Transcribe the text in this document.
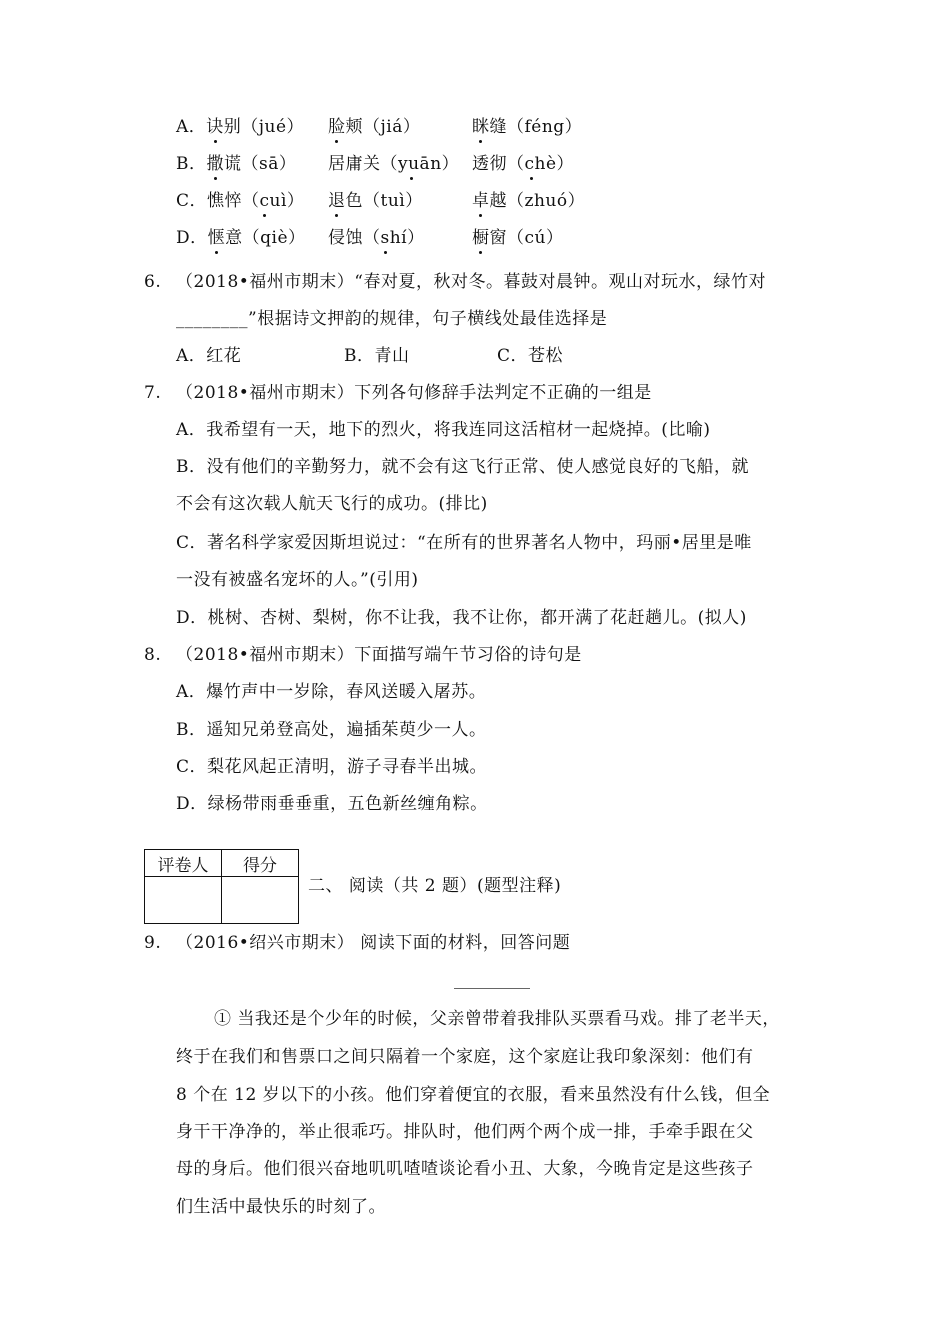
A．诀别（jué） 脸颊（jiá）	眯缝（féng）
B．撒谎（sā） 居庸关（yuān） 透彻（chè）
C．憔悴（cuì） 退色（tuì）	卓越（zhuó）
D．惬意（qiè） 侵蚀（shí）	橱窗（cú）
6. （2018•福州市期末）“春对夏，秋对冬。暮鼓对晨钟。观山对玩水，绿竹对
________”根据诗文押韵的规律，句子横线处最佳选择是
A．红花	B．青山	C．苍松
7. （2018•福州市期末）下列各句修辞手法判定不正确的一组是
A．我希望有一天，地下的烈火，将我连同这活棺材一起烧掉。(比喻)
B．没有他们的辛勤努力，就不会有这飞行正常、使人感觉良好的飞船，就
不会有这次载人航天飞行的成功。(排比)
C．著名科学家爱因斯坦说过：“在所有的世界著名人物中，玛丽•居里是唯
一没有被盛名宠坏的人。”(引用)
D．桃树、杏树、梨树，你不让我，我不让你，都开满了花赶趟儿。(拟人)
8. （2018•福州市期末）下面描写端午节习俗的诗句是
A．爆竹声中一岁除，春风送暖入屠苏。
B．遥知兄弟登高处，遍插茱萸少一人。
C．梨花风起正清明，游子寻春半出城。
D．绿杨带雨垂垂重，五色新丝缠角粽。
评卷人	得分

二、 阅读（共 2 题）(题型注释)
9. （2016•绍兴市期末） 阅读下面的材料，回答问题
① 当我还是个少年的时候，父亲曾带着我排队买票看马戏。排了老半天，
终于在我们和售票口之间只隔着一个家庭，这个家庭让我印象深刻：他们有
8 个在 12 岁以下的小孩。他们穿着便宜的衣服，看来虽然没有什么钱，但全
身干干净净的，举止很乖巧。排队时，他们两个两个成一排，手牵手跟在父
母的身后。他们很兴奋地叽叽喳喳谈论看小丑、大象，今晚肯定是这些孩子
们生活中最快乐的时刻了。
